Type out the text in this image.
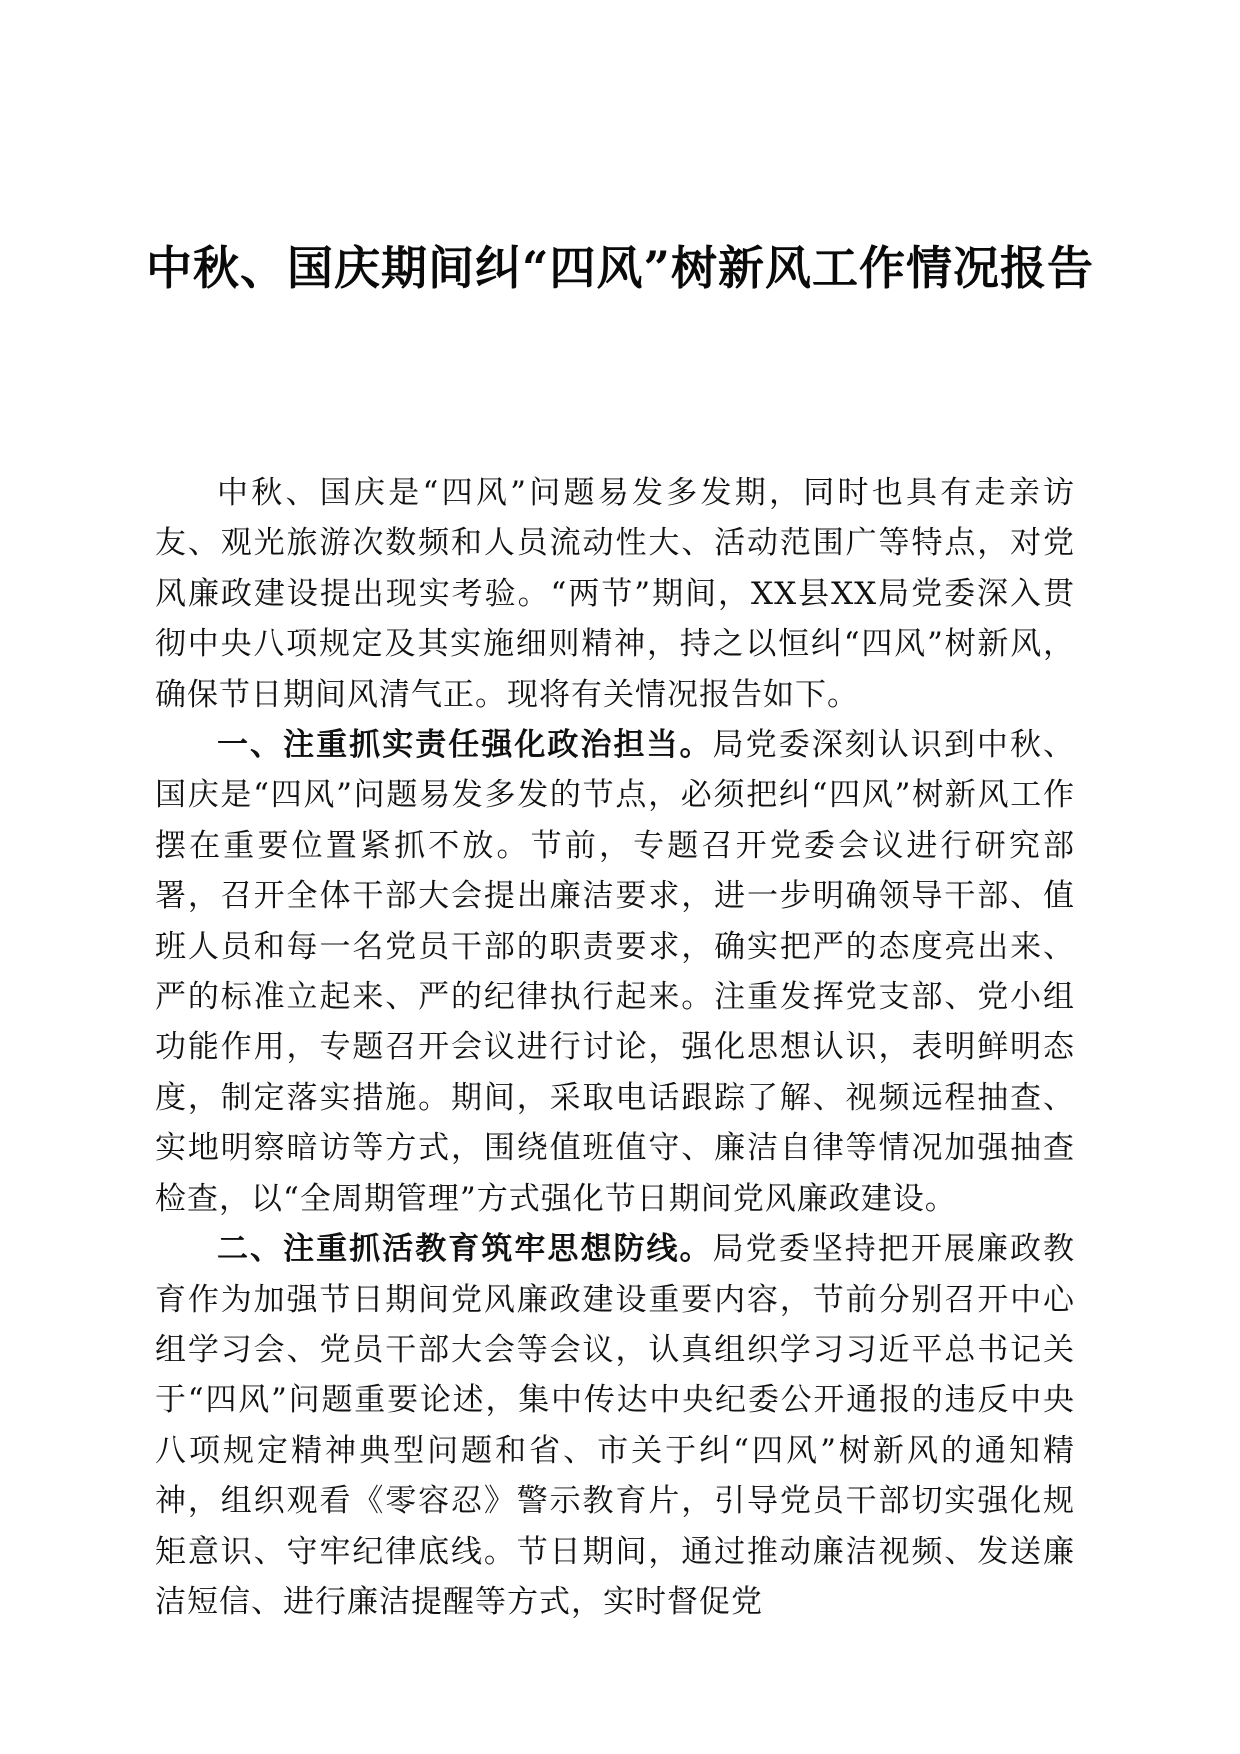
中秋、国庆期间纠“四风”树新风工作情况报告

中秋、国庆是“四风”问题易发多发期，同时也具有走亲访友、观光旅游次数频和人员流动性大、活动范围广等特点，对党风廉政建设提出现实考验。“两节”期间，XX县XX局党委深入贯彻中央八项规定及其实施细则精神，持之以恒纠“四风”树新风，确保节日期间风清气正。现将有关情况报告如下。

一、注重抓实责任强化政治担当。局党委深刻认识到中秋、国庆是“四风”问题易发多发的节点，必须把纠“四风”树新风工作摆在重要位置紧抓不放。节前，专题召开党委会议进行研究部署，召开全体干部大会提出廉洁要求，进一步明确领导干部、值班人员和每一名党员干部的职责要求，确实把严的态度亮出来、严的标准立起来、严的纪律执行起来。注重发挥党支部、党小组功能作用，专题召开会议进行讨论，强化思想认识，表明鲜明态度，制定落实措施。期间，采取电话跟踪了解、视频远程抽查、实地明察暗访等方式，围绕值班值守、廉洁自律等情况加强抽查检查，以“全周期管理”方式强化节日期间党风廉政建设。

二、注重抓活教育筑牢思想防线。局党委坚持把开展廉政教育作为加强节日期间党风廉政建设重要内容，节前分别召开中心组学习会、党员干部大会等会议，认真组织学习习近平总书记关于“四风”问题重要论述，集中传达中央纪委公开通报的违反中央八项规定精神典型问题和省、市关于纠“四风”树新风的通知精神，组织观看《零容忍》警示教育片，引导党员干部切实强化规矩意识、守牢纪律底线。节日期间，通过推动廉洁视频、发送廉洁短信、进行廉洁提醒等方式，实时督促党
